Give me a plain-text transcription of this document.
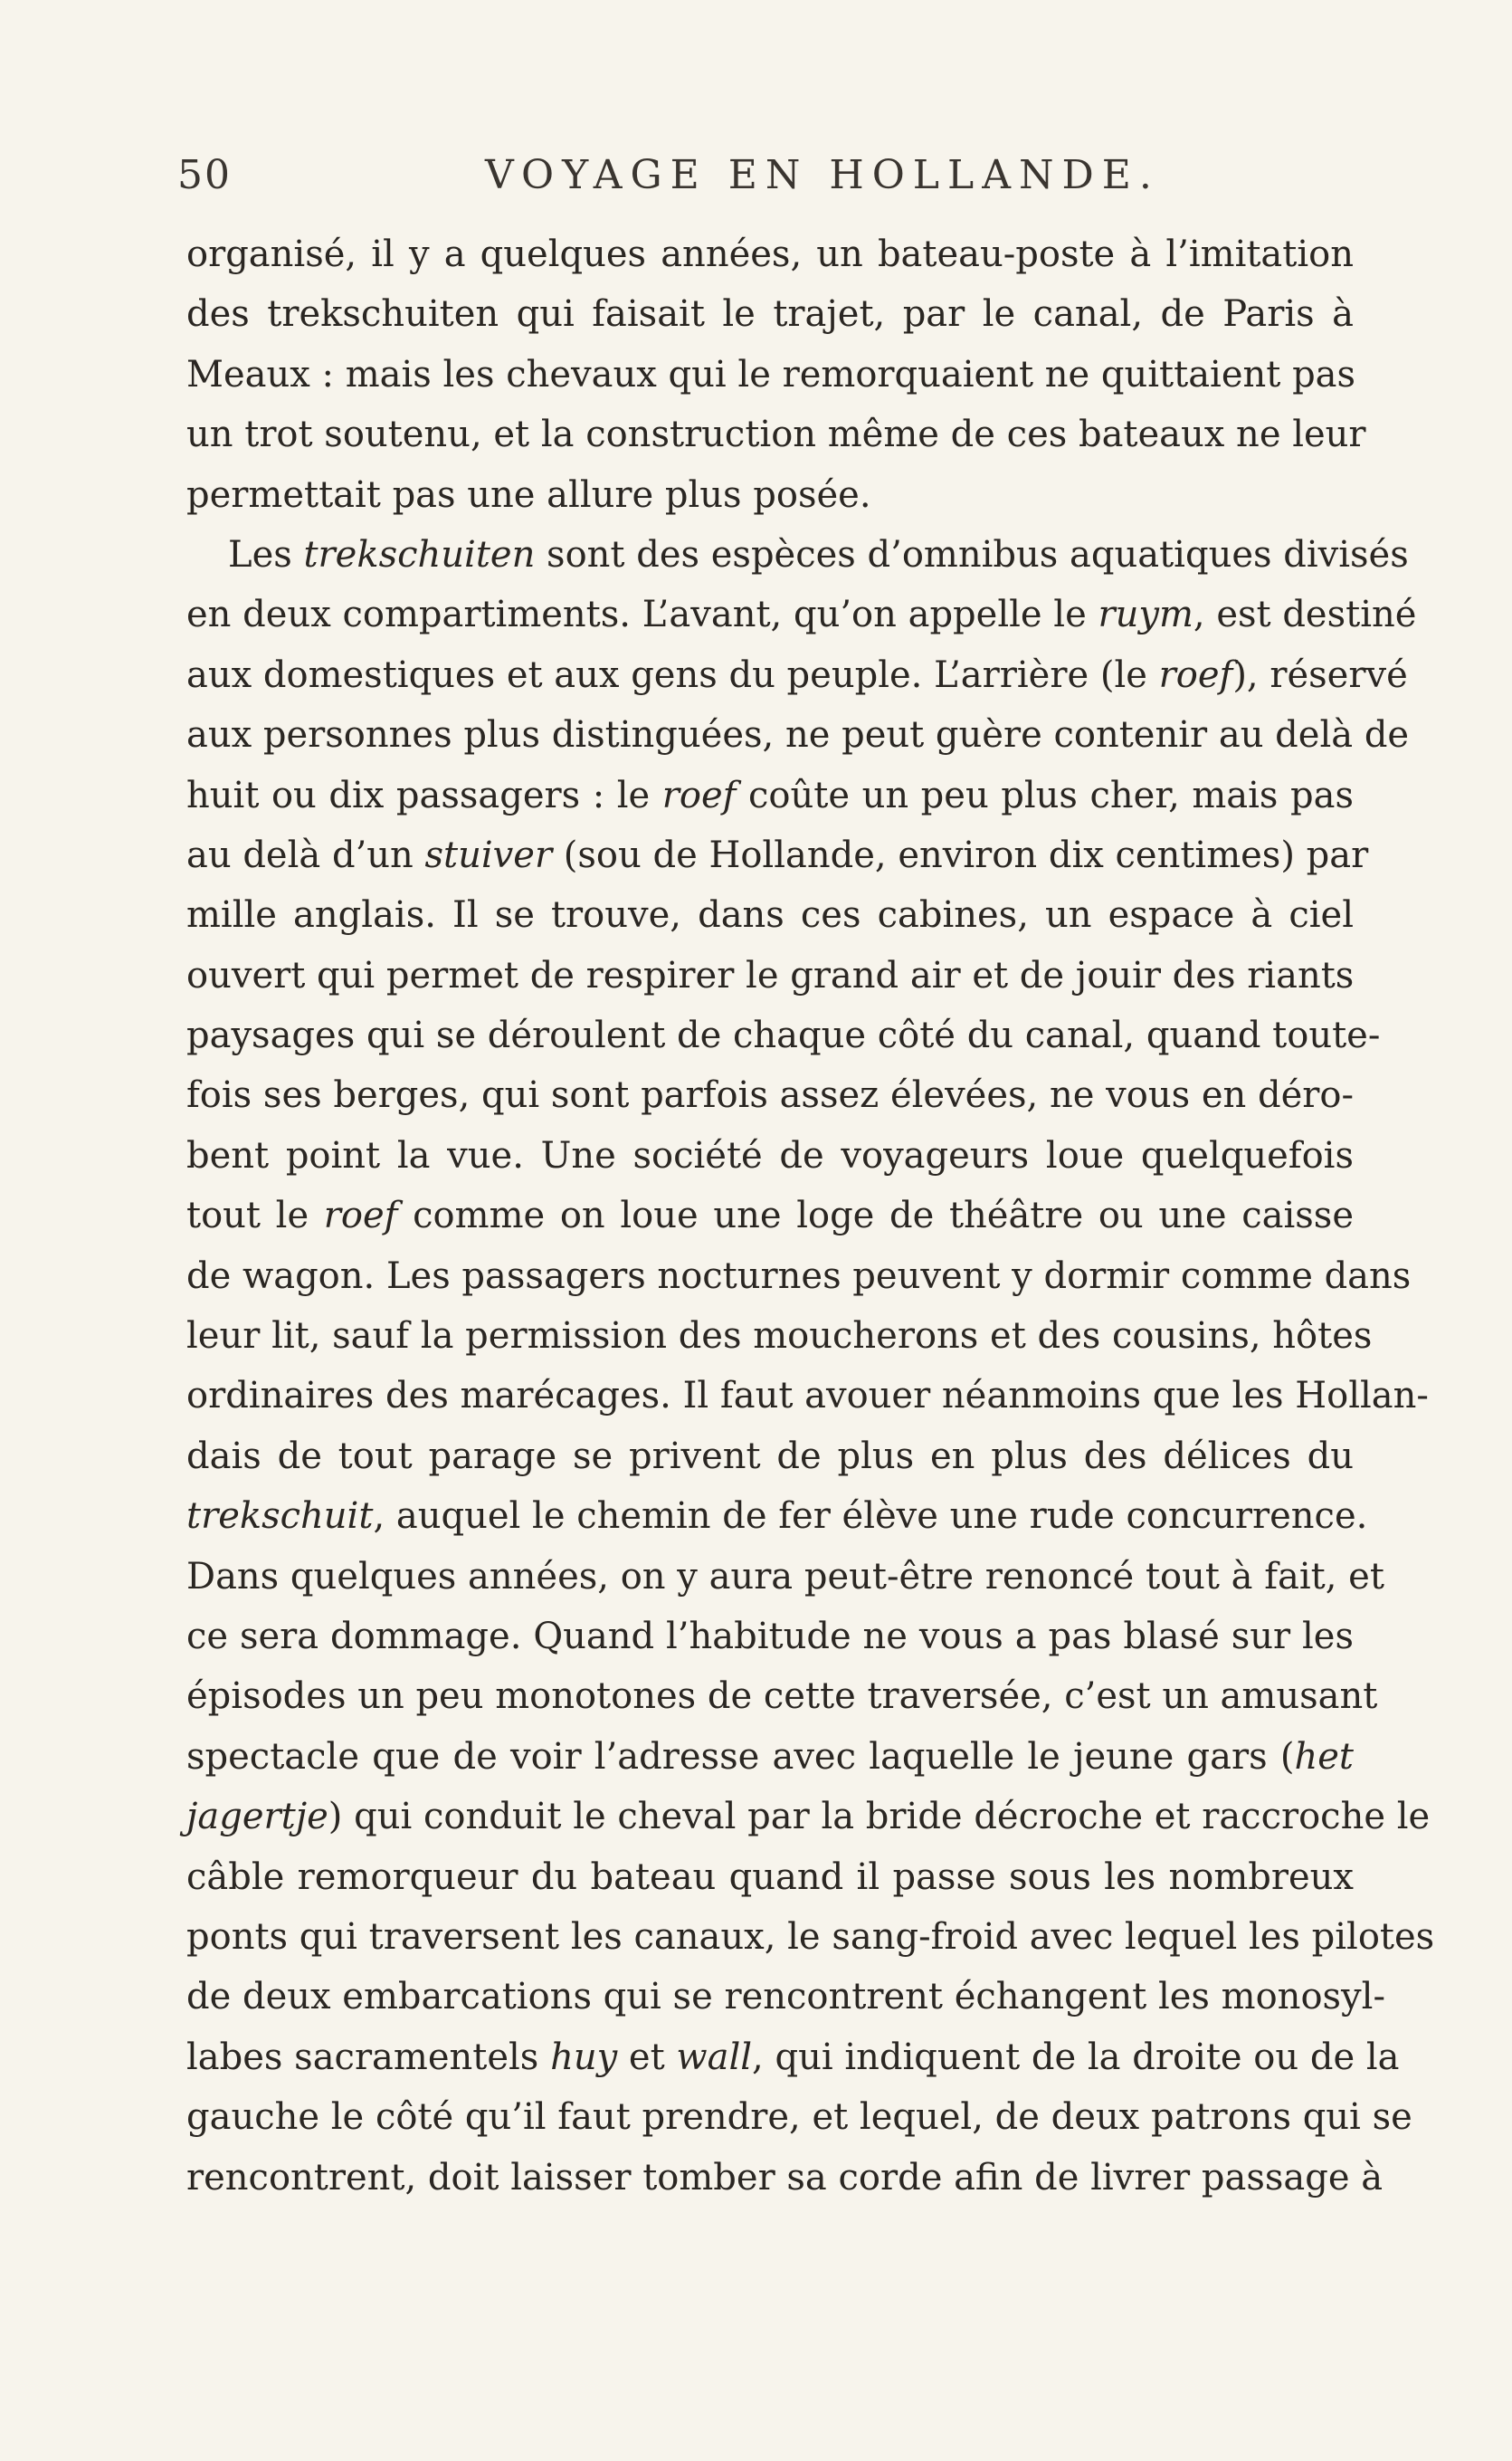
50	VOYAGE EN HOLLANDE.
organisé, il y a quelques années, un bateau-poste à l’imitation
des trekschuiten qui faisait le trajet, par le canal, de Paris à
Meaux : mais les chevaux qui le remorquaient ne quittaient pas
un trot soutenu, et la construction même de ces bateaux ne leur
permettait pas une allure plus posée.
Les trekschuiten sont des espèces d’omnibus aquatiques divisés
en deux compartiments. L’avant, qu’on appelle le ruym, est destiné
aux domestiques et aux gens du peuple. L’arrière (le roef), réservé
aux personnes plus distinguées, ne peut guère contenir au delà de
huit ou dix passagers : le roef coûte un peu plus cher, mais pas
au delà d’un stuiver (sou de Hollande, environ dix centimes) par
mille anglais. Il se trouve, dans ces cabines, un espace à ciel
ouvert qui permet de respirer le grand air et de jouir des riants
paysages qui se déroulent de chaque côté du canal, quand toute-
fois ses berges, qui sont parfois assez élevées, ne vous en déro-
bent point la vue. Une société de voyageurs loue quelquefois
tout le roef comme on loue une loge de théâtre ou une caisse
de wagon. Les passagers nocturnes peuvent y dormir comme dans
leur lit, sauf la permission des moucherons et des cousins, hôtes
ordinaires des marécages. Il faut avouer néanmoins que les Hollan-
dais de tout parage se privent de plus en plus des délices du
trekschuit, auquel le chemin de fer élève une rude concurrence.
Dans quelques années, on y aura peut-être renoncé tout à fait, et
ce sera dommage. Quand l’habitude ne vous a pas blasé sur les
épisodes un peu monotones de cette traversée, c’est un amusant
spectacle que de voir l’adresse avec laquelle le jeune gars (het
jagertje) qui conduit le cheval par la bride décroche et raccroche le
câble remorqueur du bateau quand il passe sous les nombreux
ponts qui traversent les canaux, le sang-froid avec lequel les pilotes
de deux embarcations qui se rencontrent échangent les monosyl-
labes sacramentels huy et wall, qui indiquent de la droite ou de la
gauche le côté qu’il faut prendre, et lequel, de deux patrons qui se
rencontrent, doit laisser tomber sa corde afin de livrer passage à
